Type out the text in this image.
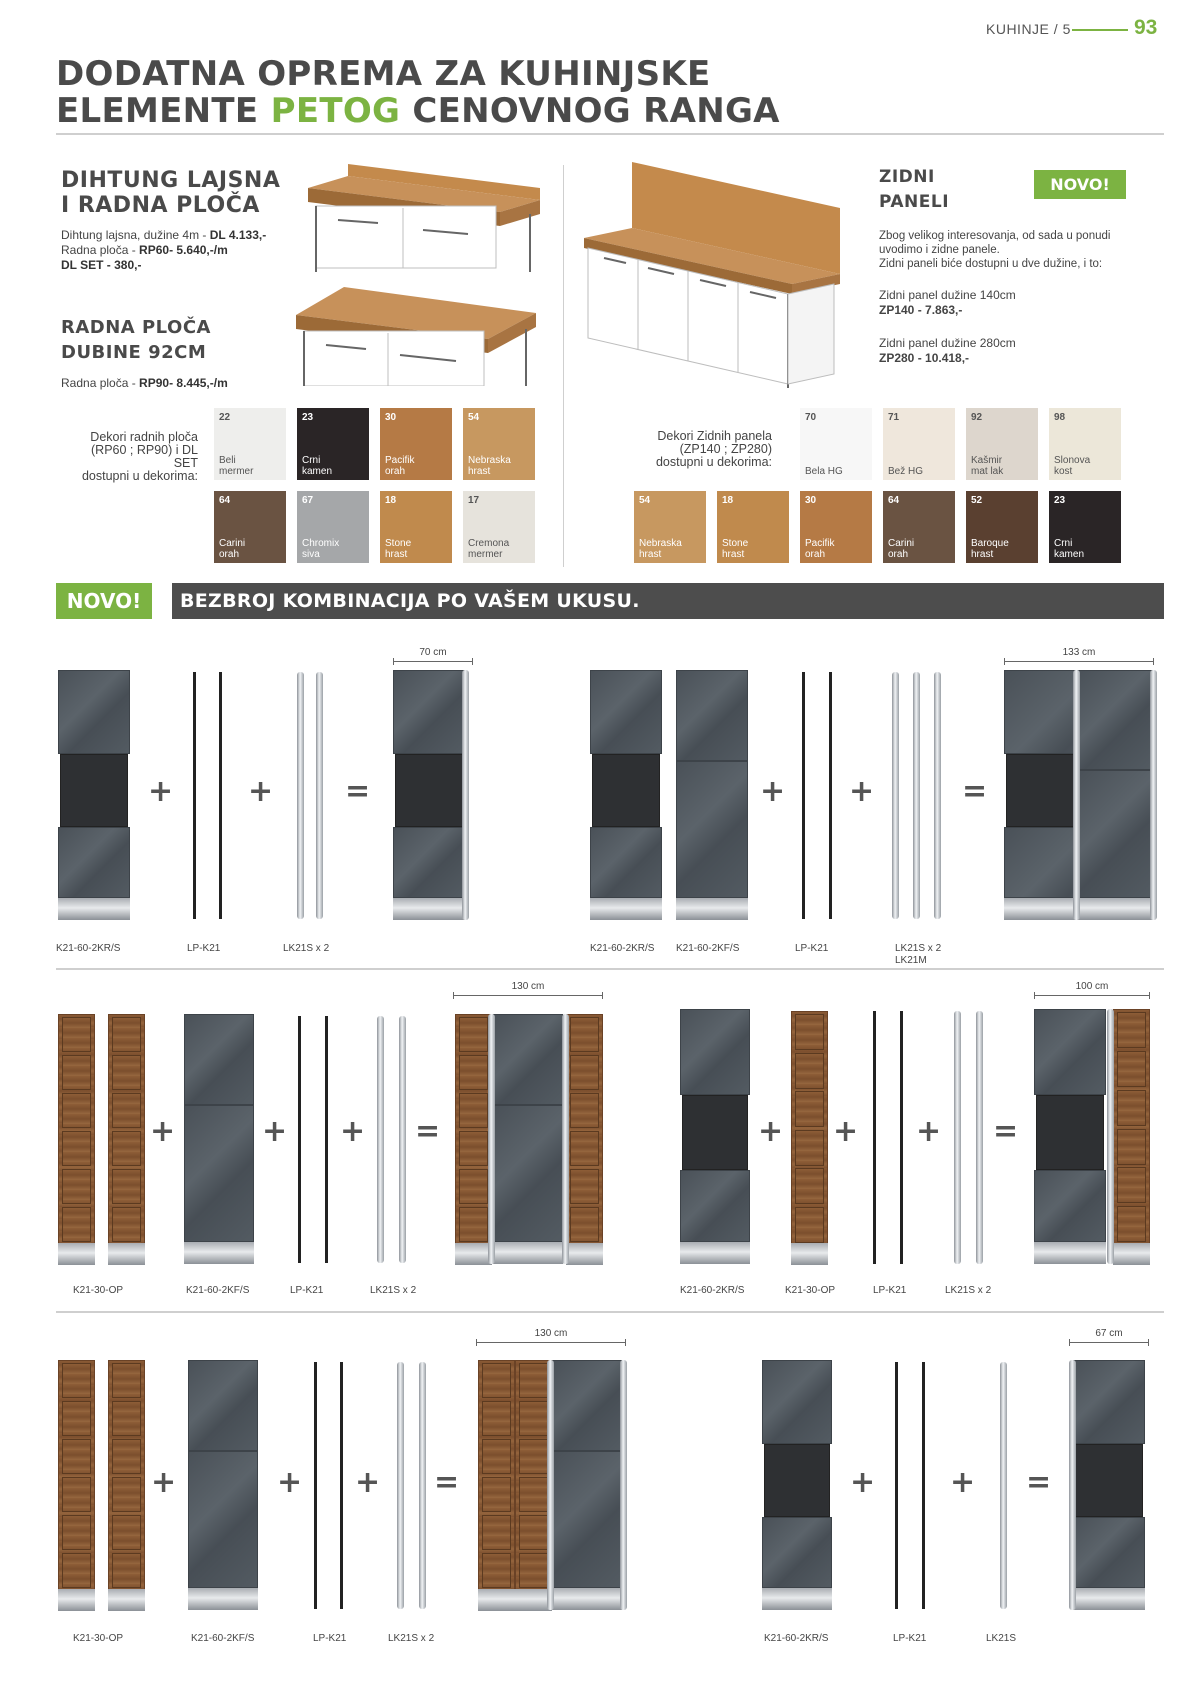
KUHINJE / 5	93
DODATNA OPREMA ZA KUHINJSKE
ELEMENTE PETOG CENOVNOG RANGA
DIHTUNG LAJSNA
I RADNA PLOČA
Dihtung lajsna, dužine 4m - DL 4.133,-
Radna ploča - RP60- 5.640,-/m
DL SET - 380,-
RADNA PLOČA
DUBINE 92CM
Radna ploča - RP90- 8.445,-/m
Dekori radnih ploča
(RP60 ; RP90) i DL SET
dostupni u dekorima:
22
Beli
mermer
23
Crni
kamen
30
Pacifik
orah
54
Nebraska
hrast
64
Carini
orah
67
Chromix
siva
18
Stone
hrast
17
Cremona
mermer
ZIDNI
PANELI
NOVO!
Zbog velikog interesovanja, od sada u ponudi
uvodimo i zidne panele.
Zidni paneli biće dostupni u dve dužine, i to:
Zidni panel dužine 140cm
ZP140 - 7.863,-
Zidni panel dužine 280cm
ZP280 - 10.418,-
Dekori Zidnih panela
(ZP140 ; ZP280)
dostupni u dekorima:
70
Bela HG
71
Bež HG
92
Kašmir
mat lak
98
Slonova
kost
54
Nebraska
hrast
18
Stone
hrast
30
Pacifik
orah
64
Carini
orah
52
Baroque
hrast
23
Crni
kamen
NOVO!	BEZBROJ KOMBINACIJA PO VAŠEM UKUSU.
+ + =
70 cm
K21-60-2KR/S	LP-K21	LK21S x 2
+ +	=
133 cm
K21-60-2KR/S K21-60-2KF/S	LP-K21	LK21S x 2
LK21M
+	+ + =
130 cm
K21-30-OP	K21-60-2KF/S	LP-K21	LK21S x 2
+ + + =
100 cm
K21-60-2KR/S	K21-30-OP	LP-K21	LK21S x 2
+	+ + =
130 cm
K21-30-OP	K21-60-2KF/S	LP-K21	LK21S x 2
+ + =
67 cm
K21-60-2KR/S	LP-K21	LK21S
